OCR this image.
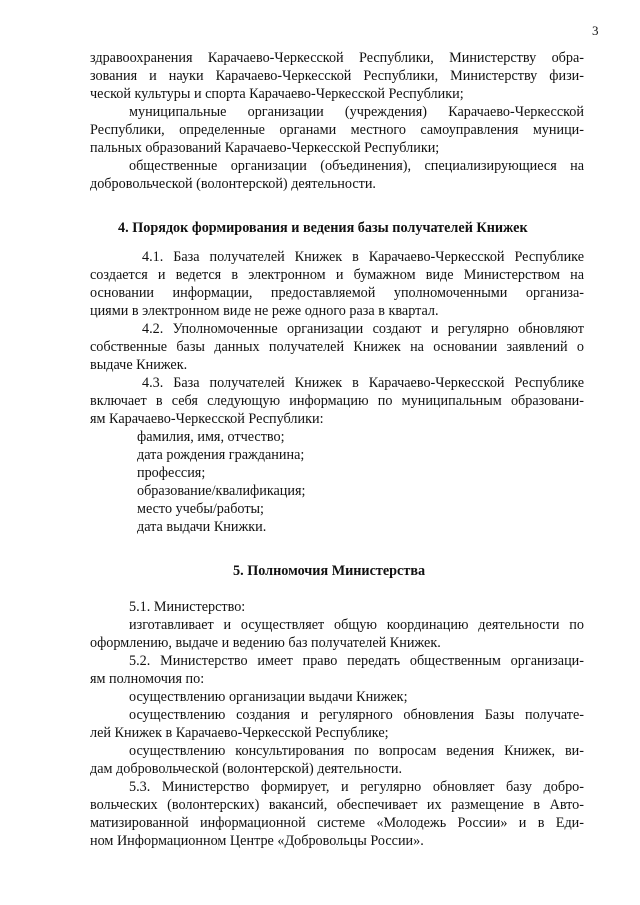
3
здравоохранения Карачаево-Черкесской Республики, Министерству обра-
зования и науки Карачаево-Черкесской Республики, Министерству физи-
ческой культуры и спорта Карачаево-Черкесской Республики;
муниципальные организации (учреждения) Карачаево-Черкесской
Республики, определенные органами местного самоуправления муници-
пальных образований Карачаево-Черкесской Республики;
общественные организации (объединения), специализирующиеся на
добровольческой (волонтерской) деятельности.
4. Порядок формирования и ведения базы получателей Книжек
4.1. База получателей Книжек в Карачаево-Черкесской Республике
создается и ведется в электронном и бумажном виде Министерством на
основании информации, предоставляемой уполномоченными организа-
циями в электронном виде не реже одного раза в квартал.
4.2. Уполномоченные организации создают и регулярно обновляют
собственные базы данных получателей Книжек на основании заявлений о
выдаче Книжек.
4.3. База получателей Книжек в Карачаево-Черкесской Республике
включает в себя следующую информацию по муниципальным образовани-
ям Карачаево-Черкесской Республики:
фамилия, имя, отчество;
дата рождения гражданина;
профессия;
образование/квалификация;
место учебы/работы;
дата выдачи Книжки.
5. Полномочия Министерства
5.1. Министерство:
изготавливает и осуществляет общую координацию деятельности по
оформлению, выдаче и ведению баз получателей Книжек.
5.2. Министерство имеет право передать общественным организаци-
ям полномочия по:
осуществлению организации выдачи Книжек;
осуществлению создания и регулярного обновления Базы получате-
лей Книжек в Карачаево-Черкесской Республике;
осуществлению консультирования по вопросам ведения Книжек, ви-
дам добровольческой (волонтерской) деятельности.
5.3. Министерство формирует, и регулярно обновляет базу добро-
вольческих (волонтерских) вакансий, обеспечивает их размещение в Авто-
матизированной информационной системе «Молодежь России» и в Еди-
ном Информационном Центре «Добровольцы России».
